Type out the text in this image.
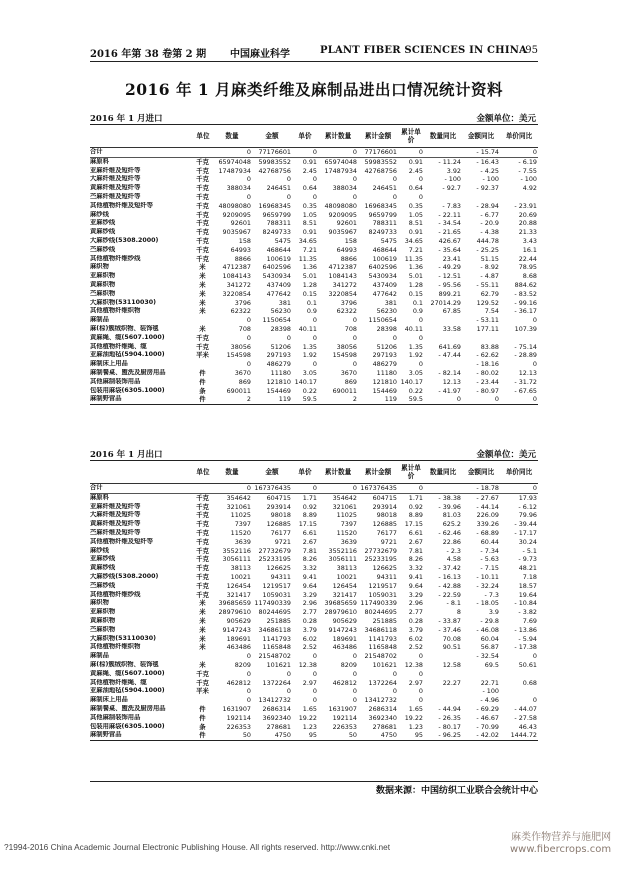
2016 年第 38 卷第 2 期 中国麻业科学	PLANT FIBER SCIENCES IN CHINA
95
2016 年 1 月麻类纤维及麻制品进出口情况统计资料
2016 年 1 月进口	金额单位：美元
	单位	数量	金额	单价	累计数量	累计金额	累计单价	数量同比	金额同比	单价同比
合计		0	77176601	0	0	77176601	0		- 15.74	0
麻原料	千克	65974048	59983552	0.91	65974048	59983552	0.91	- 11.24	- 16.43	- 6.19
亚麻纤维及短纤等	千克	17487934	42768756	2.45	17487934	42768756	2.45	3.92	- 4.25	- 7.55
大麻纤维及短纤等	千克	0	0	0	0	0	0	- 100	- 100	- 100
黄麻纤维及短纤等	千克	388034	246451	0.64	388034	246451	0.64	- 92.7	- 92.37	4.92
苎麻纤维及短纤等	千克	0	0	0	0	0	0			
其他植物纤维及短纤等	千克	48098080	16968345	0.35	48098080	16968345	0.35	- 7.83	- 28.94	- 23.91
麻纱线	千克	9209095	9659799	1.05	9209095	9659799	1.05	- 22.11	- 6.77	20.69
亚麻纱线	千克	92601	788311	8.51	92601	788311	8.51	- 34.54	- 20.9	20.88
黄麻纱线	千克	9035967	8249733	0.91	9035967	8249733	0.91	- 21.65	- 4.38	21.33
大麻纱线(5308.2000)	千克	158	5475	34.65	158	5475	34.65	426.67	444.78	3.43
苎麻纱线	千克	64993	468644	7.21	64993	468644	7.21	- 35.64	- 25.25	16.1
其他植物纤维纱线	千克	8866	100619	11.35	8866	100619	11.35	23.41	51.15	22.44
麻织物	米	4712387	6402596	1.36	4712387	6402596	1.36	- 49.29	- 8.92	78.95
亚麻织物	米	1084143	5430934	5.01	1084143	5430934	5.01	- 12.51	- 4.87	8.68
黄麻织物	米	341272	437409	1.28	341272	437409	1.28	- 95.56	- 55.11	884.62
苎麻织物	米	3220854	477642	0.15	3220854	477642	0.15	899.21	62.79	- 83.52
大麻织物(53110030)	米	3796	381	0.1	3796	381	0.1	27014.29	129.52	- 99.16
其他植物纤维织物	米	62322	56230	0.9	62322	56230	0.9	67.85	7.54	- 36.17
麻制品		0	1150654	0	0	1150654	0		- 53.11	0
麻(棕)簇绒织物、装饰毯	米	708	28398	40.11	708	28398	40.11	33.58	177.11	107.39
黄麻绳、缆(5607.1000)	千克	0	0	0	0	0	0			
其他植物纤维绳、缆	千克	38056	51206	1.35	38056	51206	1.35	641.69	83.88	- 75.14
亚麻油地毡(5904.1000)	平米	154598	297193	1.92	154598	297193	1.92	- 47.44	- 62.62	- 28.89
麻制床上用品		0	486279	0	0	486279	0		- 18.16	0
麻制餐桌、盥洗及厨房用品	件	3670	11180	3.05	3670	11180	3.05	- 82.14	- 80.02	12.13
其他麻制装饰用品	件	869	121810	140.17	869	121810	140.17	12.13	- 23.44	- 31.72
包装用麻袋(6305.1000)	条	690011	154469	0.22	690011	154469	0.22	- 41.97	- 80.97	- 67.65
麻制野营品	件	2	119	59.5	2	119	59.5	0	0	0
2016 年 1 月出口	金额单位：美元
	单位	数量	金额	单价	累计数量	累计金额	累计单价	数量同比	金额同比	单价同比
合计		0	167376435	0	0	167376435	0		- 18.78	0
麻原料	千克	354642	604715	1.71	354642	604715	1.71	- 38.38	- 27.67	17.93
亚麻纤维及短纤等	千克	321061	293914	0.92	321061	293914	0.92	- 39.96	- 44.14	- 6.12
大麻纤维及短纤等	千克	11025	98018	8.89	11025	98018	8.89	81.03	226.09	79.96
黄麻纤维及短纤等	千克	7397	126885	17.15	7397	126885	17.15	625.2	339.26	- 39.44
苎麻纤维及短纤等	千克	11520	76177	6.61	11520	76177	6.61	- 62.46	- 68.89	- 17.17
其他植物纤维及短纤等	千克	3639	9721	2.67	3639	9721	2.67	22.86	60.44	30.24
麻纱线	千克	3552116	27732679	7.81	3552116	27732679	7.81	- 2.3	- 7.34	- 5.1
亚麻纱线	千克	3056111	25233195	8.26	3056111	25233195	8.26	4.58	- 5.63	- 9.73
黄麻纱线	千克	38113	126625	3.32	38113	126625	3.32	- 37.42	- 7.15	48.21
大麻纱线(5308.2000)	千克	10021	94311	9.41	10021	94311	9.41	- 16.13	- 10.11	7.18
苎麻纱线	千克	126454	1219517	9.64	126454	1219517	9.64	- 42.88	- 32.24	18.57
其他植物纤维纱线	千克	321417	1059031	3.29	321417	1059031	3.29	- 22.59	- 7.3	19.64
麻织物	米	39685659	117490339	2.96	39685659	117490339	2.96	- 8.1	- 18.05	- 10.84
亚麻织物	米	28979610	80244695	2.77	28979610	80244695	2.77	8	3.9	- 3.82
黄麻织物	米	905629	251885	0.28	905629	251885	0.28	- 33.87	- 29.8	7.69
苎麻织物	米	9147243	34686118	3.79	9147243	34686118	3.79	- 37.46	- 46.08	- 13.86
大麻织物(53110030)	米	189691	1141793	6.02	189691	1141793	6.02	70.08	60.04	- 5.94
其他植物纤维织物	米	463486	1165848	2.52	463486	1165848	2.52	90.51	56.87	- 17.38
麻制品		0	21548702	0	0	21548702	0		- 32.54	0
麻(棕)簇绒织物、装饰毯	米	8209	101621	12.38	8209	101621	12.38	12.58	69.5	50.61
黄麻绳、缆(5607.1000)	千克	0	0	0	0	0	0			
其他植物纤维绳、缆	千克	462812	1372264	2.97	462812	1372264	2.97	22.27	22.71	0.68
亚麻油地毡(5904.1000)	平米	0	0	0	0	0	0		- 100	
麻制床上用品		0	13412732	0	0	13412732	0		- 4.96	0
麻制餐桌、盥洗及厨房用品	件	1631907	2686314	1.65	1631907	2686314	1.65	- 44.94	- 69.29	- 44.07
其他麻制装饰用品	件	192114	3692340	19.22	192114	3692340	19.22	- 26.35	- 46.67	- 27.58
包装用麻袋(6305.1000)	条	226353	278681	1.23	226353	278681	1.23	- 80.17	- 70.99	46.43
麻制野营品	件	50	4750	95	50	4750	95	- 96.25	- 42.02	1444.72
数据来源：中国纺织工业联合会统计中心
?1994-2016 China Academic Journal Electronic Publishing House. All rights reserved. http://www.cnki.net
麻类作物营养与施肥网
www.fibercrops.com
